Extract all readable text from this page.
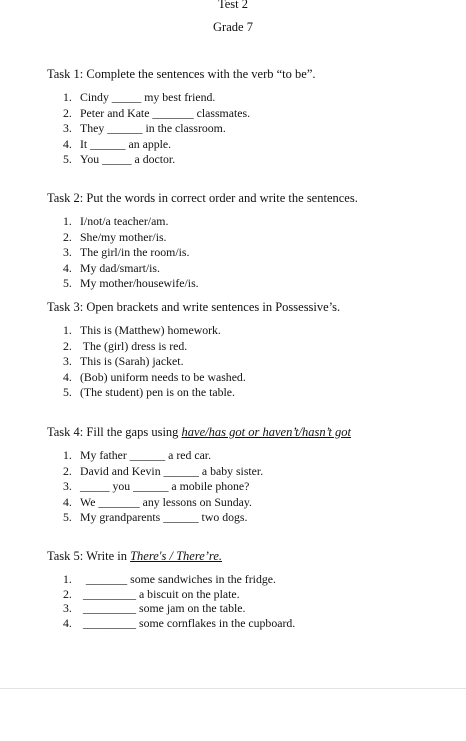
Test 2
Grade 7
Task 1: Complete the sentences with the verb “to be”.
1. Cindy _____ my best friend.
2. Peter and Kate _______ classmates.
3. They ______ in the classroom.
4. It ______ an apple.
5. You _____ a doctor.
Task 2: Put the words in correct order and write the sentences.
1. I/not/a teacher/am.
2. She/my mother/is.
3. The girl/in the room/is.
4. My dad/smart/is.
5. My mother/housewife/is.
Task 3: Open brackets and write sentences in Possessive’s.
1. This is (Matthew) homework.
2. The (girl) dress is red.
3. This is (Sarah) jacket.
4. (Bob) uniform needs to be washed.
5. (The student) pen is on the table.
Task 4: Fill the gaps using have/has got or haven’t/hasn’t got
1. My father ______ a red car.
2. David and Kevin ______ a baby sister.
3. _____ you ______ a mobile phone?
4. We _______ any lessons on Sunday.
5. My grandparents ______ two dogs.
Task 5: Write in There's / There’re.
1. _______ some sandwiches in the fridge.
2. _________ a biscuit on the plate.
3. _________ some jam on the table.
4. _________ some cornflakes in the cupboard.
